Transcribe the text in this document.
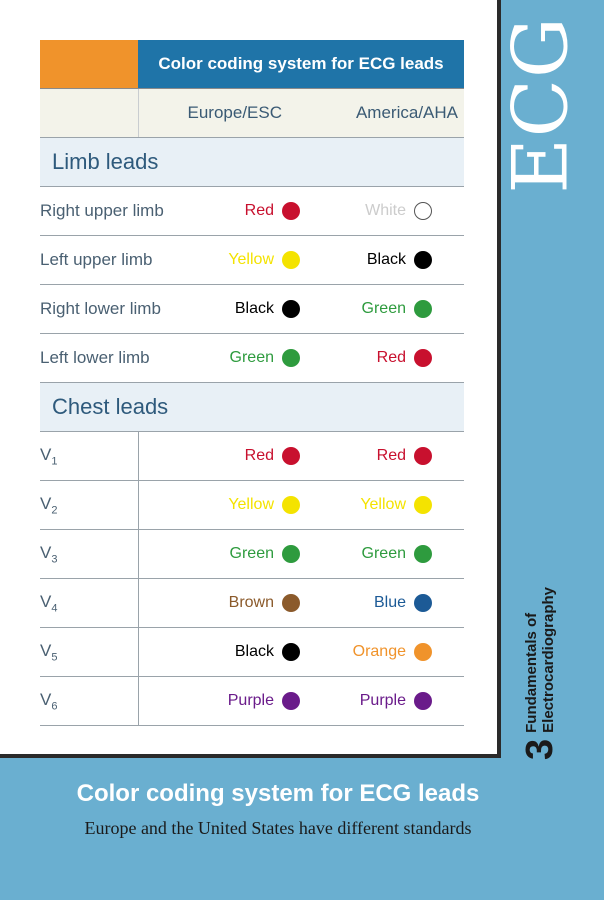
ECG
3
Fundamentals of Electrocardiography
	Color coding system for ECG leads	
	Europe/ESC	America/AHA
Limb leads		
Right upper limb	Red	White

Left upper limb	Yellow	Black

Right lower limb	Black	Green

Left lower limb	Green	Red

Chest leads		
$V_1$	Red	Red

$V_2$	Yellow	Yellow

$V_3$	Green	Green

$V_4$	Brown	Blue

$V_5$	Black	Orange

$V_6$	Purple	Purple
Color coding system for ECG leads
Europe and the United States have different standards
